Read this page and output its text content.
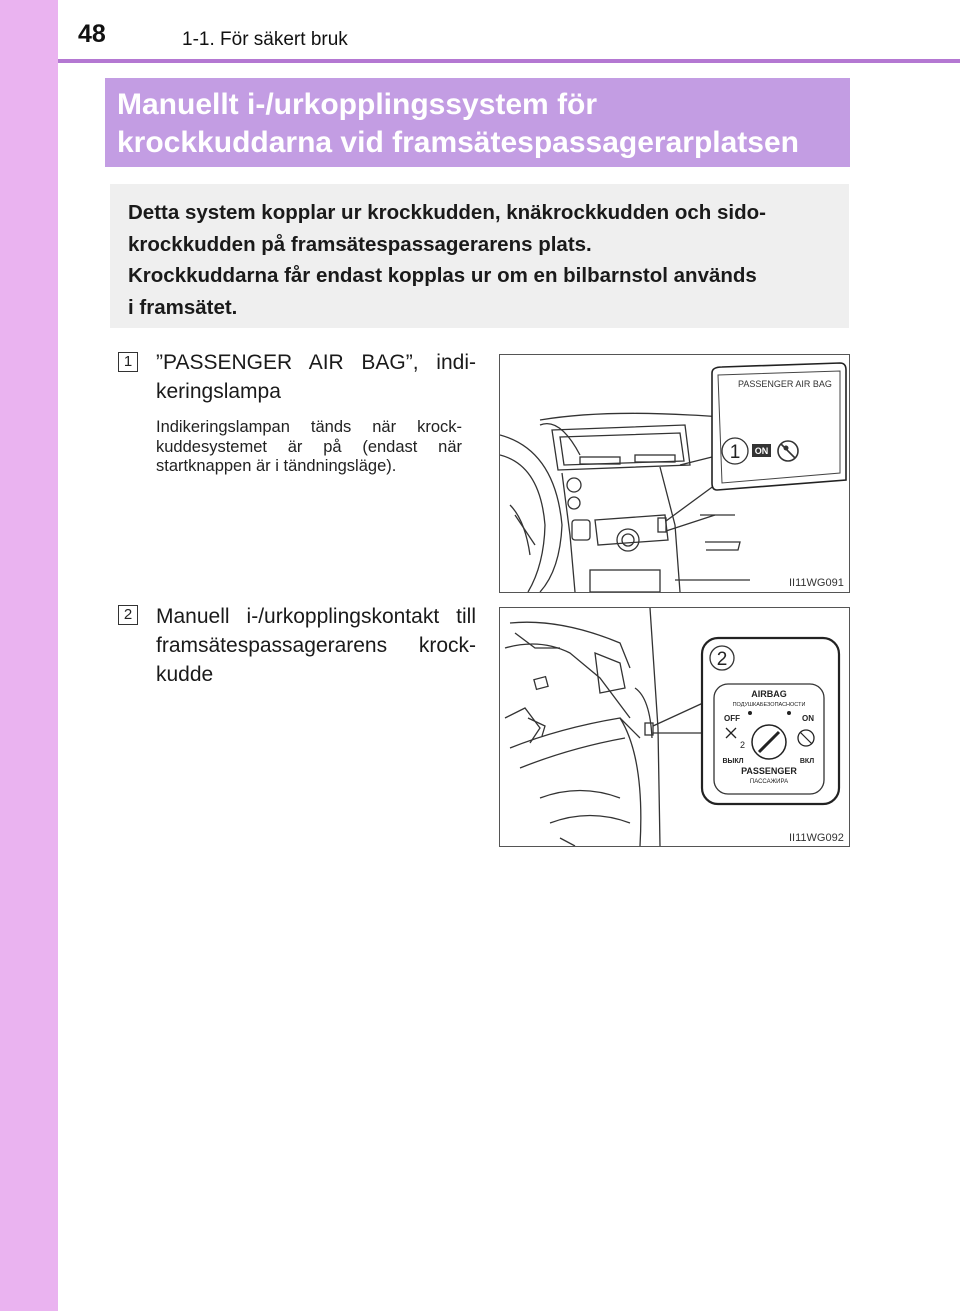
48	1-1. För säkert bruk
Manuellt i-/urkopplingssystem för
krockkuddarna vid framsätespassagerarplatsen
Detta system kopplar ur krockkudden, knäkrockkudden och sido-
krockkudden på framsätespassagerarens plats.
Krockkuddarna får endast kopplas ur om en bilbarnstol används
i framsätet.
1 ”PASSENGER AIR BAG”, indi-
keringslampa
Indikeringslampan tänds när krock-
kuddesystemet är på (endast när
startknappen är i tändningsläge).
2 Manuell i-/urkopplingskontakt till
framsätespassagerarens krock-
kudde
PASSENGER AIR BAG
1 ON
II11WG091
2
AIRBAG
ПОДУШКАБЕЗОПАСНОСТИ
OFF	ON
2
ВЫКЛ	ВКЛ
PASSENGER
ПАССАЖИРА
II11WG092
